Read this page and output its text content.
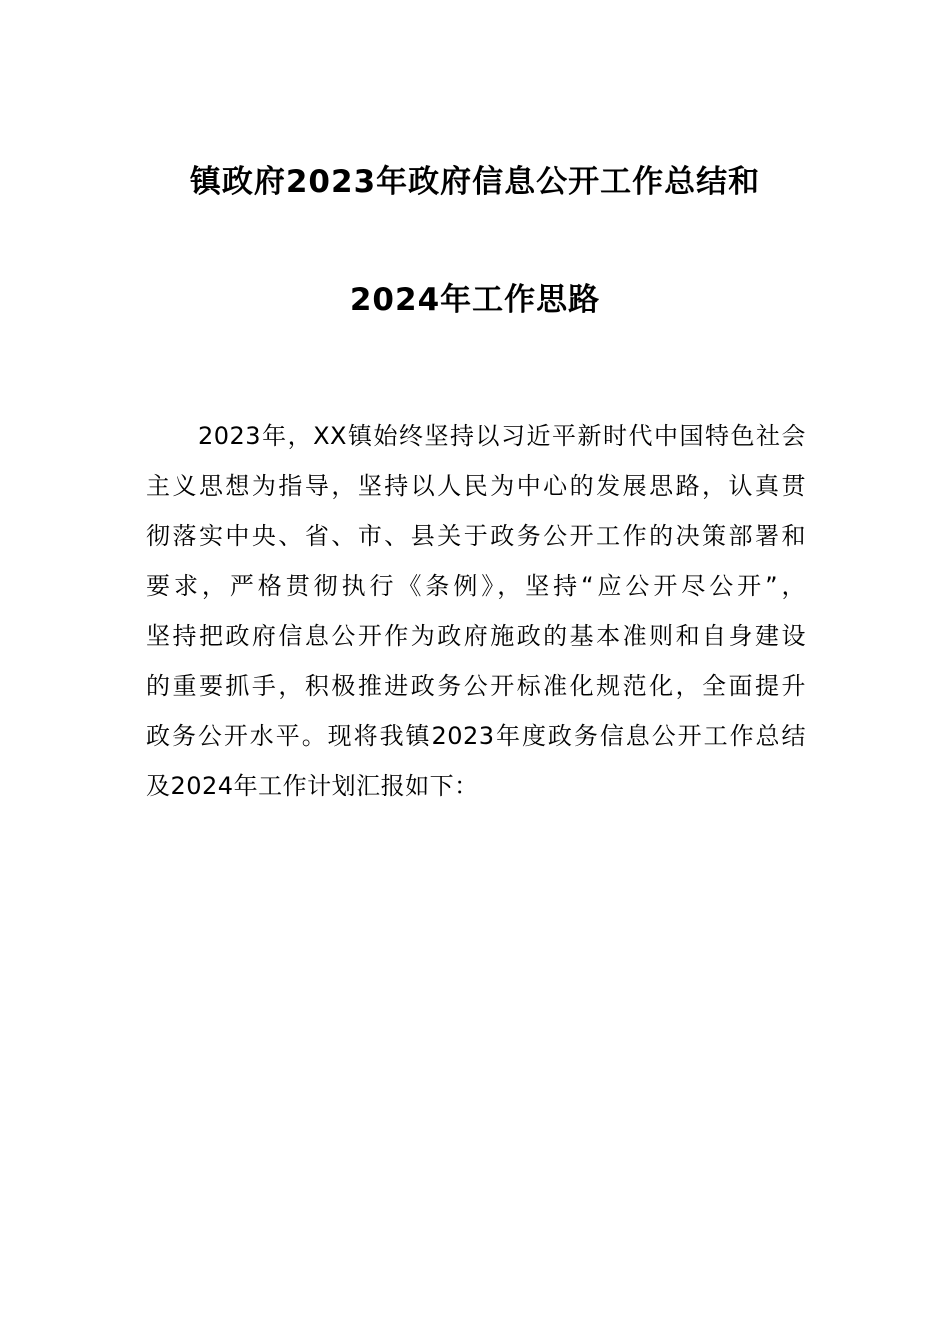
镇政府2023年政府信息公开工作总结和
2024年工作思路
2023年，XX镇始终坚持以习近平新时代中国特色社会
主义思想为指导，坚持以人民为中心的发展思路，认真贯
彻落实中央、省、市、县关于政务公开工作的决策部署和
要求，严格贯彻执行《条例》，坚持“应公开尽公开”，
坚持把政府信息公开作为政府施政的基本准则和自身建设
的重要抓手，积极推进政务公开标准化规范化，全面提升
政务公开水平。现将我镇2023年度政务信息公开工作总结
及2024年工作计划汇报如下：
